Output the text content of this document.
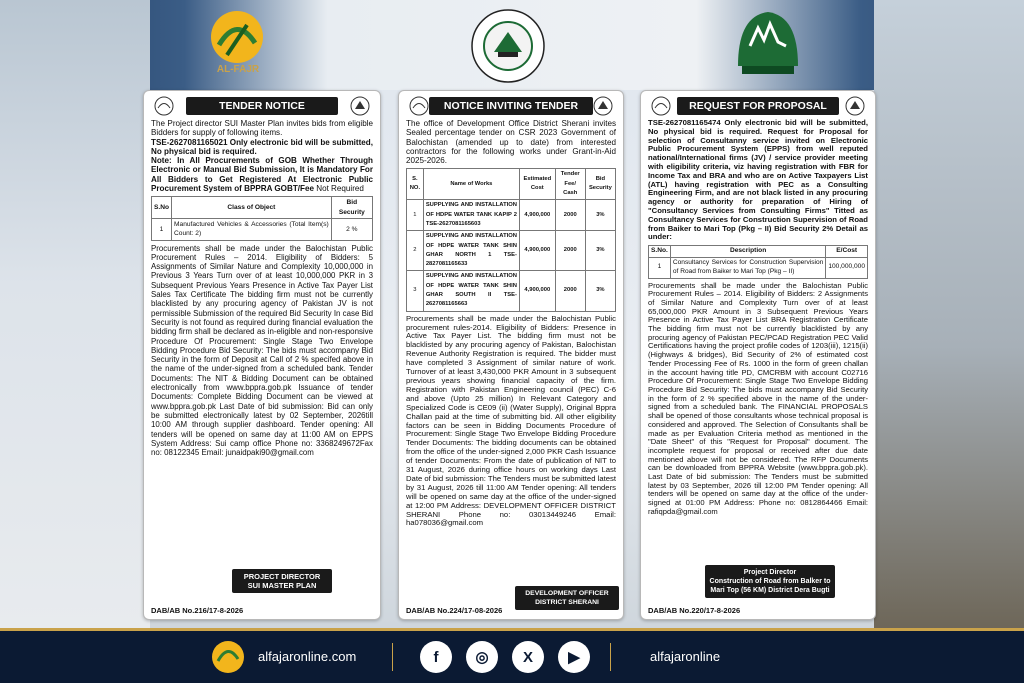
AL-FAJR
TENDER NOTICE

The Project director SUI Master Plan invites bids from eligible Bidders for supply of following items.

TSE-2627081165021 Only electronic bid will be submitted, No physical bid is required.

Note: In All Procurements of GOB Whether Through Electronic or Manual Bid Submission, It is Mandatory For All Bidders to Get Registered At Electronic Public Procurement System of BPPRA GOBT/Fee Not Required

S.No	Class of Object	Bid Security
1	Manufactured Vehicles & Accessories (Total Item(s) Count: 2)	2 %

Procurements shall be made under the Balochistan Public Procurement Rules – 2014. Eligibility of Bidders: 5 Assignments of Similar Nature and Complexity 10,000,000 in Previous 3 Years Turn over of at least 10,000,000 PKR in 3 Subsequent Previous Years Presence in Active Tax Payer List Sales Tax Certificate The bidding firm must not be currently blacklisted by any procuring agency of Pakistan JV is not permissible Submission of the required Bid Security In case Bid Security is not found as required during financial evaluation the bidding firm shall be declared as in-eligible and non-responsive Procedure Of Procurement: Single Stage Two Envelope Bidding Procedure Bid Security: The bids must accompany Bid Security in the form of Deposit at Call of 2 % specifed above in the name of the under-signed from a scheduled bank. Tender Documents: The NIT & Bidding Document can be obtained electronically from www.bppra.gob.pk Issuance of tender Documents: Complete Bidding Document can be viewed at www.bppra.gob.pk Last Date of bid submission: Bid can only be submitted electronically latest by 02 September, 2026till 10:00 AM through supplier dashboard. Tender opening: All tenders will be opened on same day at 11:00 AM on EPPS System Address: Sui camp office Phone no: 3368249672Fax no: 08122345 Email: junaidpaki90@gmail.com

PROJECT DIRECTOR
SUI MASTER PLAN
DAB/AB No.216/17-8-2026
NOTICE INVITING TENDER

The office of Development Office District Sherani invites Sealed percentage tender on CSR 2023 Government of Balochistan (amended up to date) from interested contractors for the following works under Grant-in-Aid 2025-2026.

S. NO.	Name of Works	Estimated Cost	Tender Fee/ Cash	Bid Security
1	SUPPLYING AND INSTALLATION OF HDPE WATER TANK KAPIP 2 TSE-2627081165603	4,900,000	2000	3%
2	SUPPLYING AND INSTALLATION OF HDPE WATER TANK SHIN GHAR NORTH 1 TSE-2827081165633	4,900,000	2000	3%
3	SUPPLYING AND INSTALLATION OF HDPE WATER TANK SHIN GHAR SOUTH II TSE-2627081165663	4,900,000	2000	3%

Procurements shall be made under the Balochistan Public procurement rules-2014. Eligibility of Bidders: Presence in Active Tax Payer List. The bidding firm must not be blacklisted by any procuring agency of Pakistan, Balochistan Revenue Authority Registration is required. The bidder must have completed 3 Assignment of similar nature of work. Turnover of at least 3,430,000 PKR Amount in 3 subsequent previous years showing financial capacity of the firm. Registration with Pakistan Engineering council (PEC) C-6 and above (Upto 25 million) In Relevant Category and Specialized Code is CE09 (ii) (Water Supply), Original Bppra Challan paid at the time of submitting bid. All other eligibility factors can be seen in Bidding Documents Procedure of Procurement: Single Stage Two Envelope Bidding Procedure Tender Documents: The bidding documents can be obtained from the office of the under-signed 2,000 PKR Cash Issuance of tender Documents: From the date of publication of NIT to 31 August, 2026 during office hours on working days Last Date of bid submission: The Tenders must be submitted latest by 31 August, 2026 till 11:00 AM Tender opening: All tenders will be opened on same day at the office of the under-signed at 12:00 PM Address: DEVELOPMENT OFFICER DISTRICT SHERANI Phone no: 03013449246 Email: ha078036@gmail.com

DEVELOPMENT OFFICER
DISTRICT SHERANI
DAB/AB No.224/17-08-2026
REQUEST FOR PROPOSAL

TSE-2627081165474 Only electronic bid will be submitted, No physical bid is required. Request for Proposal for selection of Consultanny service invited on Electronic Public Procurement System (EPPS) from well reputed national/International firms (JV) / service provider meeting with eligibility criteria, viz having registration with FBR for Income Tax and BRA and who are on Active Taxpayers List (ATL) having registration with PEC as a Consulting Engineering Firm, and are not black listed in any procuring agency or authority for preparation of Hiring of "Consultancy Services from Consulting Firms" Titted as Consultancy Services for Construction Supervision of Road from Baiker to Mari Top (Pkg – II) Bid Security 2% Detail as under:

S.No.	Description	E/Cost
1	Consultancy Services for Construction Supervision of Road from Baiker to Mari Top (Pkg – II)	100,000,000

Procurements shall be made under the Balochistan Public Procurement Rules – 2014. Eligibility of Bidders: 2 Assignments of Similar Nature and Complexity Turn over of at least 65,000,000 PKR Amount in 3 Subsequent Previous Years Presence in Active Tax Payer List BRA Registration Certificate The bidding firm must not be currently blacklisted by any procuring agency of Pakistan PEC/PCAD Registration PEC Valid Certifications having the project profile codes of 1203(iii), 1215(ii) (Highways & bridges), Bid Security of 2% of estimated cost Tender Processing Fee of Rs. 1000 in the form of green challan in the account having title PD, CMCRBM with account C02716 Procedure Of Procurement: Single Stage Two Envelope Bidding Procedure Bid Security: The bids must accompany Bid Security in the form of 2 % specified above in the name of the under-signed from a scheduled bank. The FINANCIAL PROPOSALS shall be opened of those consultants whose technical proposal is considered and approved. The Selection of Consultants shall be made as per Evaluation Criteria method as mentioned in the "Date Sheet" of this "Request for Proposal" document. The incomplete request for proposal or received after due date mentioned above will not be considered. The RFP Documents can be downloaded from BPPRA Website (www.bppra.gob.pk). Last Date of bid submission: The Tenders must be submitted latest by 03 September, 2026 till 12:00 PM Tender opening: All tenders will be opened on same day at the office of the under-signed at 01:00 PM Address: Phone no: 0812864466 Email: rafiqpda@gmail.com

Project Director
Construction of Road from Balker to Mari Top (56 KM) District Dera Bugti
DAB/AB No.220/17-8-2026
alfajaronline.com	f	◎	X	▶	alfajaronline
